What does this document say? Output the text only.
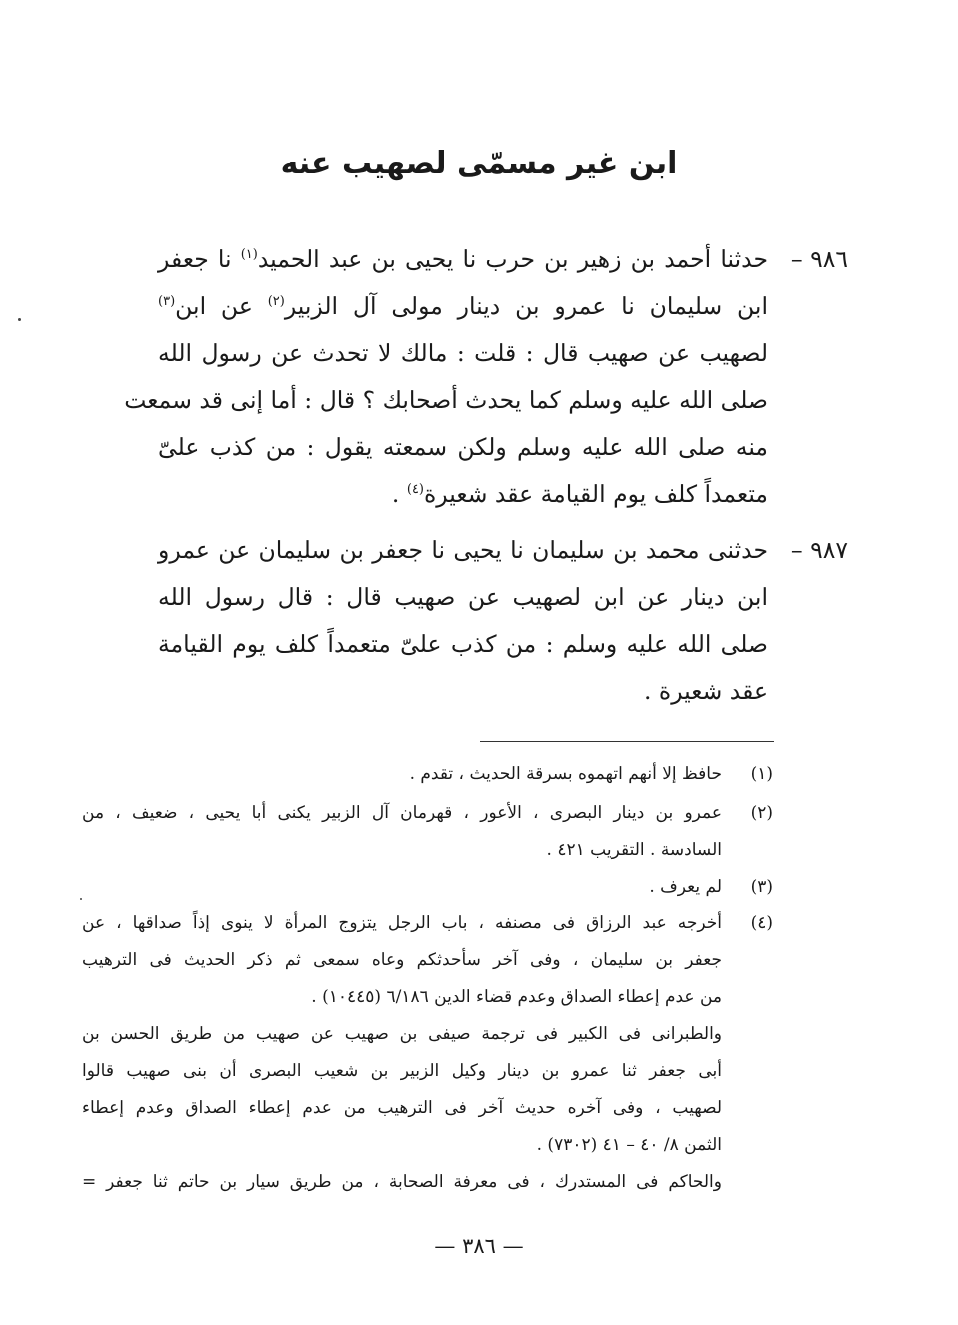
ابن غير مسمّى لصهيب عنه
٩٨٦ –
حدثنا أحمد بن زهير بن حرب نا يحيى بن عبد الحميد$^{(١)}$ نا جعفر
ابن سليمان نا عمرو بن دينار مولى آل الزبير$^{(٢)}$ عن ابن$^{(٣)}$
لصهيب عن صهيب قال : قلت : مالك لا تحدث عن رسول الله
صلى الله عليه وسلم كما يحدث أصحابك ؟ قال : أما إنى قد سمعت
منه صلى الله عليه وسلم ولكن سمعته يقول : من كذب علىّ
متعمداً كلف يوم القيامة عقد شعيرة$^{(٤)}$ .
٩٨٧ –
حدثنى محمد بن سليمان نا يحيى نا جعفر بن سليمان عن عمرو
ابن دينار عن ابن لصهيب عن صهيب قال : قال رسول الله
صلى الله عليه وسلم : من كذب علىّ متعمداً كلف يوم القيامة
عقد شعيرة .
(١)
حافظ إلا أنهم اتهموه بسرقة الحديث ، تقدم .
(٢)
عمرو بن دينار البصرى ، الأعور ، قهرمان آل الزبير يكنى أبا يحيى ، ضعيف ، من
السادسة . التقريب ٤٢١ .
(٣)
لم يعرف .
(٤)
أخرجه عبد الرزاق فى مصنفه ، باب الرجل يتزوج المرأة لا ينوى إذاً صداقها ، عن
جعفر بن سليمان ، وفى آخر سأحدثكم وعاه سمعى ثم ذكر الحديث فى الترهيب
من عدم إعطاء الصداق وعدم قضاء الدين ٦/١٨٦ (١٠٤٤٥) .
والطبرانى فى الكبير فى ترجمة صيفى بن صهيب عن صهيب من طريق الحسن بن
أبى جعفر ثنا عمرو بن دينار وكيل الزبير بن شعيب البصرى أن بنى صهيب قالوا
لصهيب ، وفى آخره حديث آخر فى الترهيب من عدم إعطاء الصداق وعدم إعطاء
الثمن ٨/ ٤٠ – ٤١ (٧٣٠٢) .
والحاكم فى المستدرك ، فى معرفة الصحابة ، من طريق سيار بن حاتم ثنا جعفر =
— ٣٨٦ —
